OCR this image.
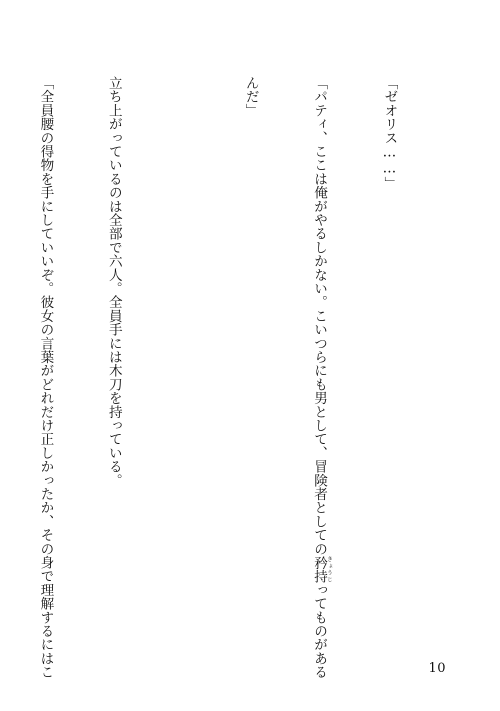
「ゼオリス……」

「パティ、ここは俺がやるしかない。こいつらにも男として、冒険者としての矜持 きょうじってものがある

んだ」

立ち上がっているのは全部で六人。全員手には木刀を持っている。

「全員腰の得物を手にしていいぞ。彼女の言葉がどれだけ正しかったか、その身で理解するにはこ

	10
